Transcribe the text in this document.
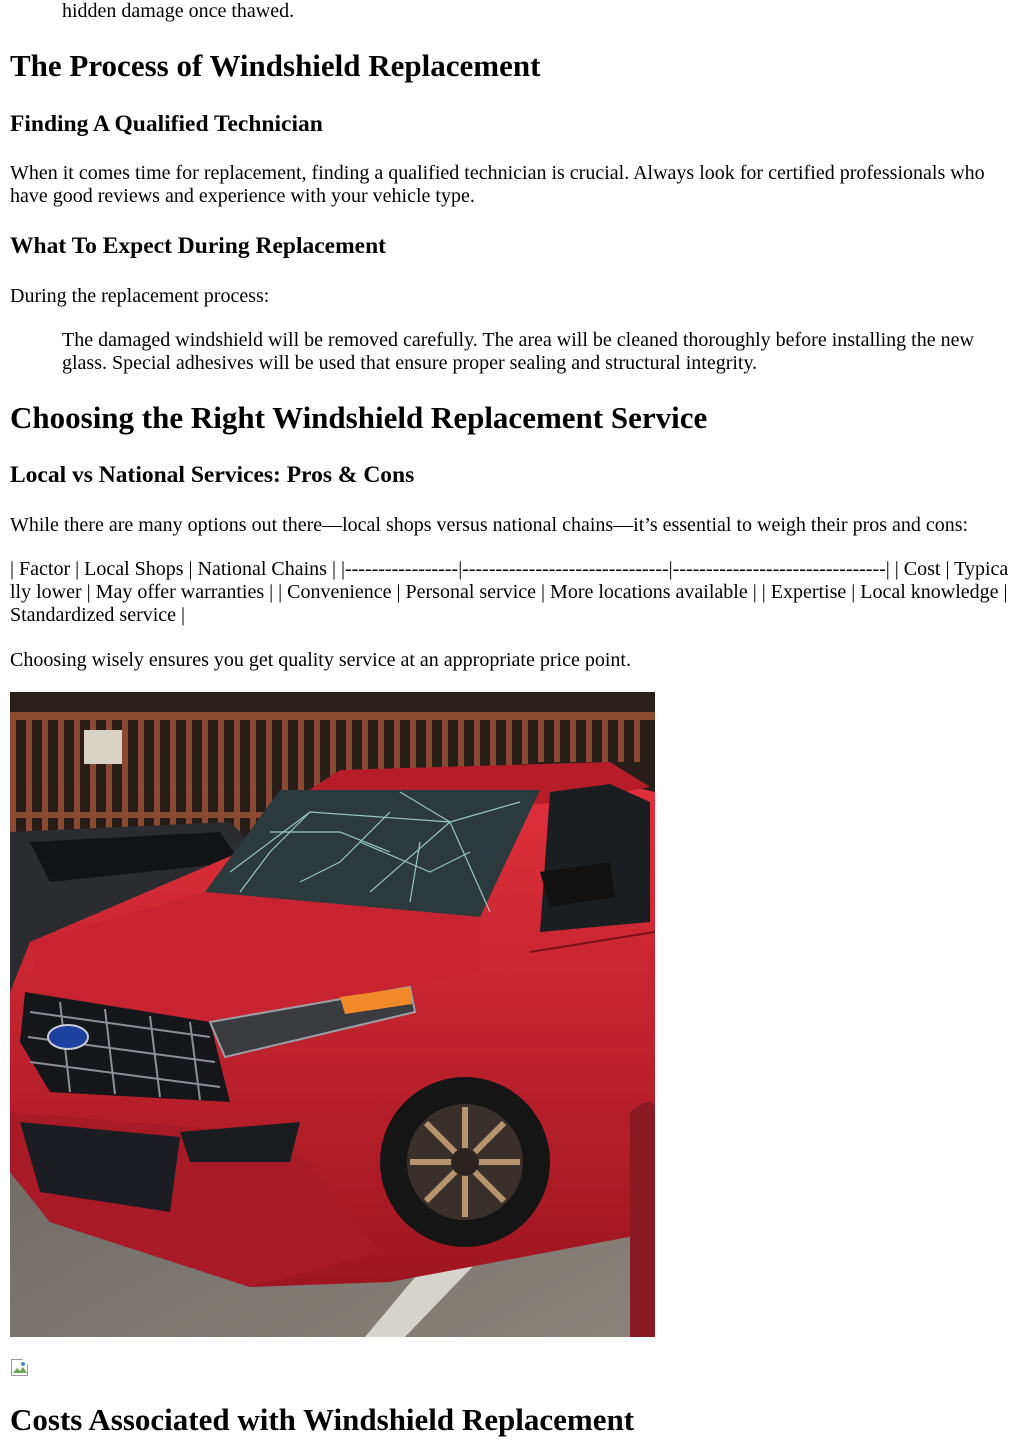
hidden damage once thawed.

The Process of Windshield Replacement
Finding A Qualified Technician

When it comes time for replacement, finding a qualified technician is crucial. Always look for certified professionals who have good reviews and experience with your vehicle type.

What To Expect During Replacement

During the replacement process:

The damaged windshield will be removed carefully. The area will be cleaned thoroughly before installing the new glass. Special adhesives will be used that ensure proper sealing and structural integrity.

Choosing the Right Windshield Replacement Service
Local vs National Services: Pros & Cons

While there are many options out there—local shops versus national chains—it’s essential to weigh their pros and cons:

| Factor | Local Shops | National Chains | |-----------------|-------------------------------|--------------------------------| | Cost | Typically lower | May offer warranties | | Convenience | Personal service | More locations available | | Expertise | Local knowledge | Standardized service |

Choosing wisely ensures you get quality service at an appropriate price point.

Costs Associated with Windshield Replacement
